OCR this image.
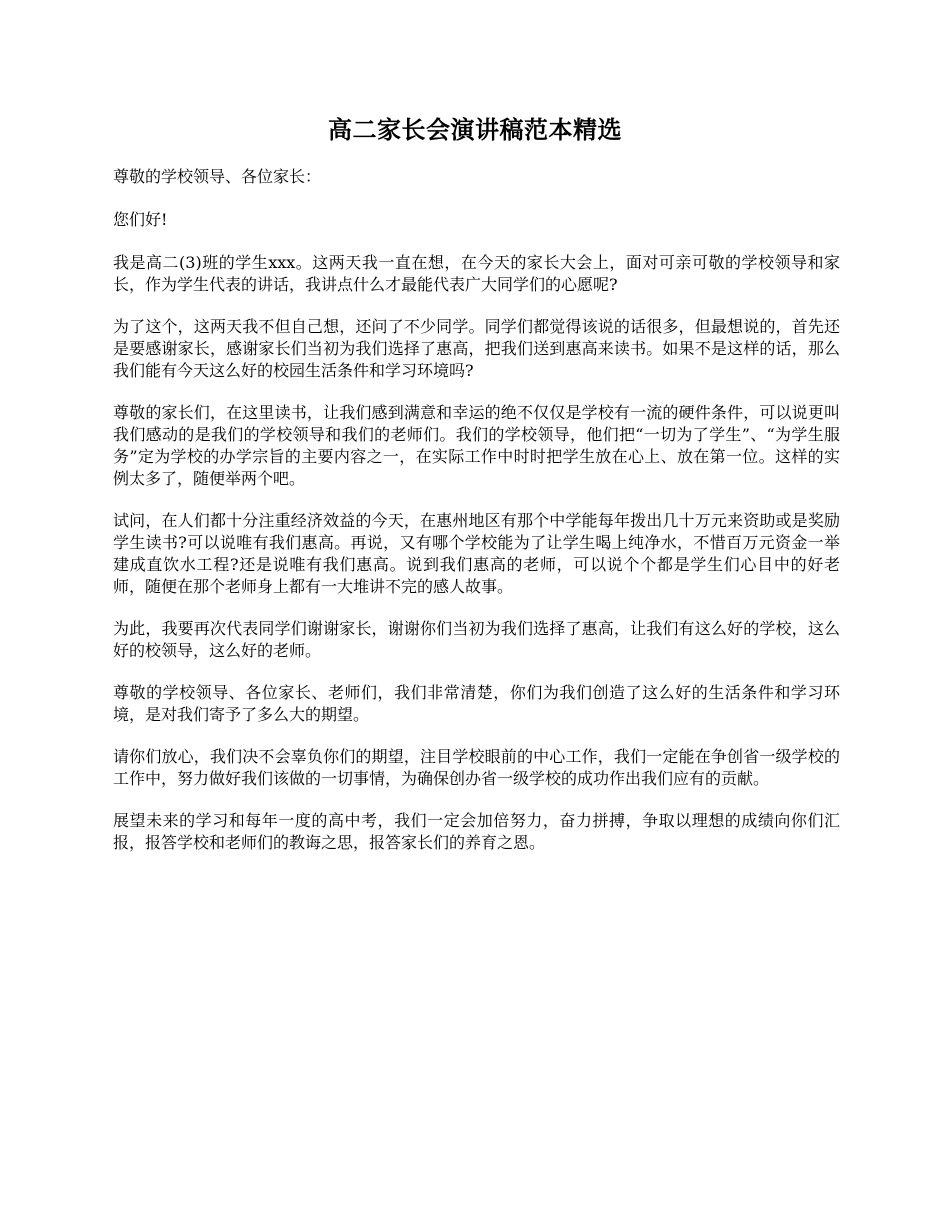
高二家长会演讲稿范本精选

尊敬的学校领导、各位家长：

您们好!

我是高二(3)班的学生xxx。这两天我一直在想，在今天的家长大会上，面对可亲可敬的学校领导和家长，作为学生代表的讲话，我讲点什么才最能代表广大同学们的心愿呢?

为了这个，这两天我不但自己想，还问了不少同学。同学们都觉得该说的话很多，但最想说的，首先还是要感谢家长，感谢家长们当初为我们选择了惠高，把我们送到惠高来读书。如果不是这样的话，那么我们能有今天这么好的校园生活条件和学习环境吗?

尊敬的家长们，在这里读书，让我们感到满意和幸运的绝不仅仅是学校有一流的硬件条件，可以说更叫我们感动的是我们的学校领导和我们的老师们。我们的学校领导，他们把“一切为了学生”、“为学生服务”定为学校的办学宗旨的主要内容之一，在实际工作中时时把学生放在心上、放在第一位。这样的实例太多了，随便举两个吧。

试问，在人们都十分注重经济效益的今天，在惠州地区有那个中学能每年拨出几十万元来资助或是奖励学生读书?可以说唯有我们惠高。再说，又有哪个学校能为了让学生喝上纯净水，不惜百万元资金一举建成直饮水工程?还是说唯有我们惠高。说到我们惠高的老师，可以说个个都是学生们心目中的好老师，随便在那个老师身上都有一大堆讲不完的感人故事。

为此，我要再次代表同学们谢谢家长，谢谢你们当初为我们选择了惠高，让我们有这么好的学校，这么好的校领导，这么好的老师。

尊敬的学校领导、各位家长、老师们，我们非常清楚，你们为我们创造了这么好的生活条件和学习环境，是对我们寄予了多么大的期望。

请你们放心，我们决不会辜负你们的期望，注目学校眼前的中心工作，我们一定能在争创省一级学校的工作中，努力做好我们该做的一切事情，为确保创办省一级学校的成功作出我们应有的贡献。

展望未来的学习和每年一度的高中考，我们一定会加倍努力，奋力拼搏，争取以理想的成绩向你们汇报，报答学校和老师们的教诲之思，报答家长们的养育之恩。
